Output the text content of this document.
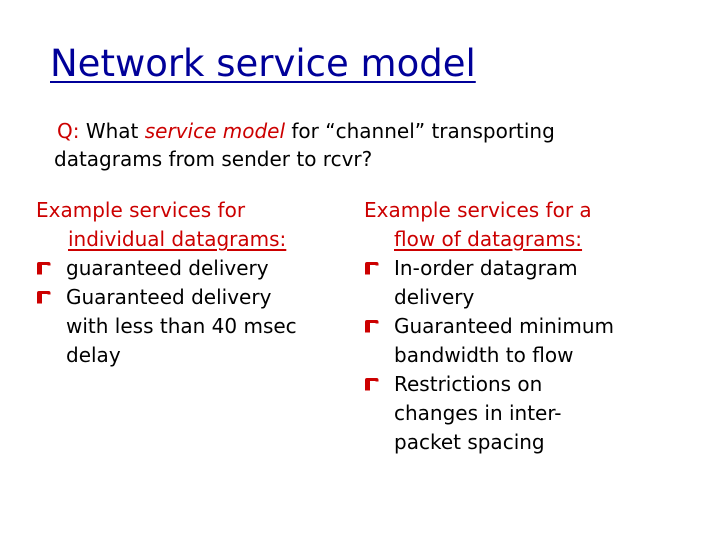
Network service model

Q: What service model for “channel” transporting
datagrams from sender to rcvr?

Example services for
individual datagrams:
guaranteed delivery
Guaranteed delivery
with less than 40 msec
delay
Example services for a
flow of datagrams:
In-order datagram
delivery
Guaranteed minimum
bandwidth to flow
Restrictions on
changes in inter-
packet spacing
